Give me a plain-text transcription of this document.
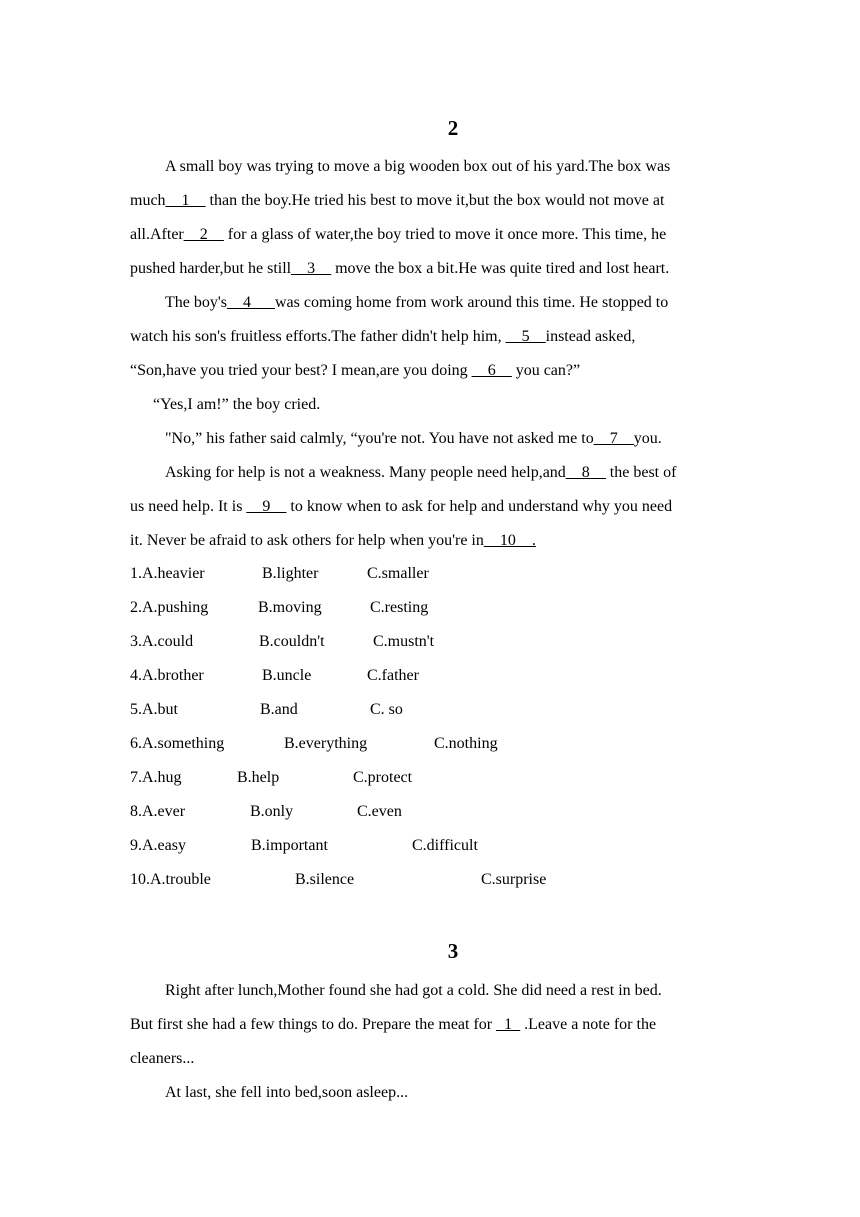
2
A small boy was trying to move a big wooden box out of his yard.The box was
much__1__ than the boy.He tried his best to move it,but the box would not move at
all.After__2__ for a glass of water,the boy tried to move it once more. This time, he
pushed harder,but he still__3__ move the box a bit.He was quite tired and lost heart.
The boy's__4___was coming home from work around this time. He stopped to
watch his son's fruitless efforts.The father didn't help him, __5__instead asked,
“Son,have you tried your best? I mean,are you doing __6__ you can?”
“Yes,I am!” the boy cried.
"No,” his father said calmly, “you're not. You have not asked me to__7__you.
Asking for help is not a weakness. Many people need help,and__8__ the best of
us need help. It is __9__ to know when to ask for help and understand why you need
it. Never be afraid to ask others for help when you're in__10__.
1.A.heavier	B.lighter	C.smaller
2.A.pushing	B.moving	C.resting
3.A.could	B.couldn't	C.mustn't
4.A.brother	B.uncle	C.father
5.A.but	B.and	C. so
6.A.something	B.everything	C.nothing
7.A.hug	B.help	C.protect
8.A.ever	B.only	C.even
9.A.easy	B.important	C.difficult
10.A.trouble	B.silence	C.surprise
3
Right after lunch,Mother found she had got a cold. She did need a rest in bed.
But first she had a few things to do. Prepare the meat for _1_ .Leave a note for the
cleaners...
At last, she fell into bed,soon asleep...
